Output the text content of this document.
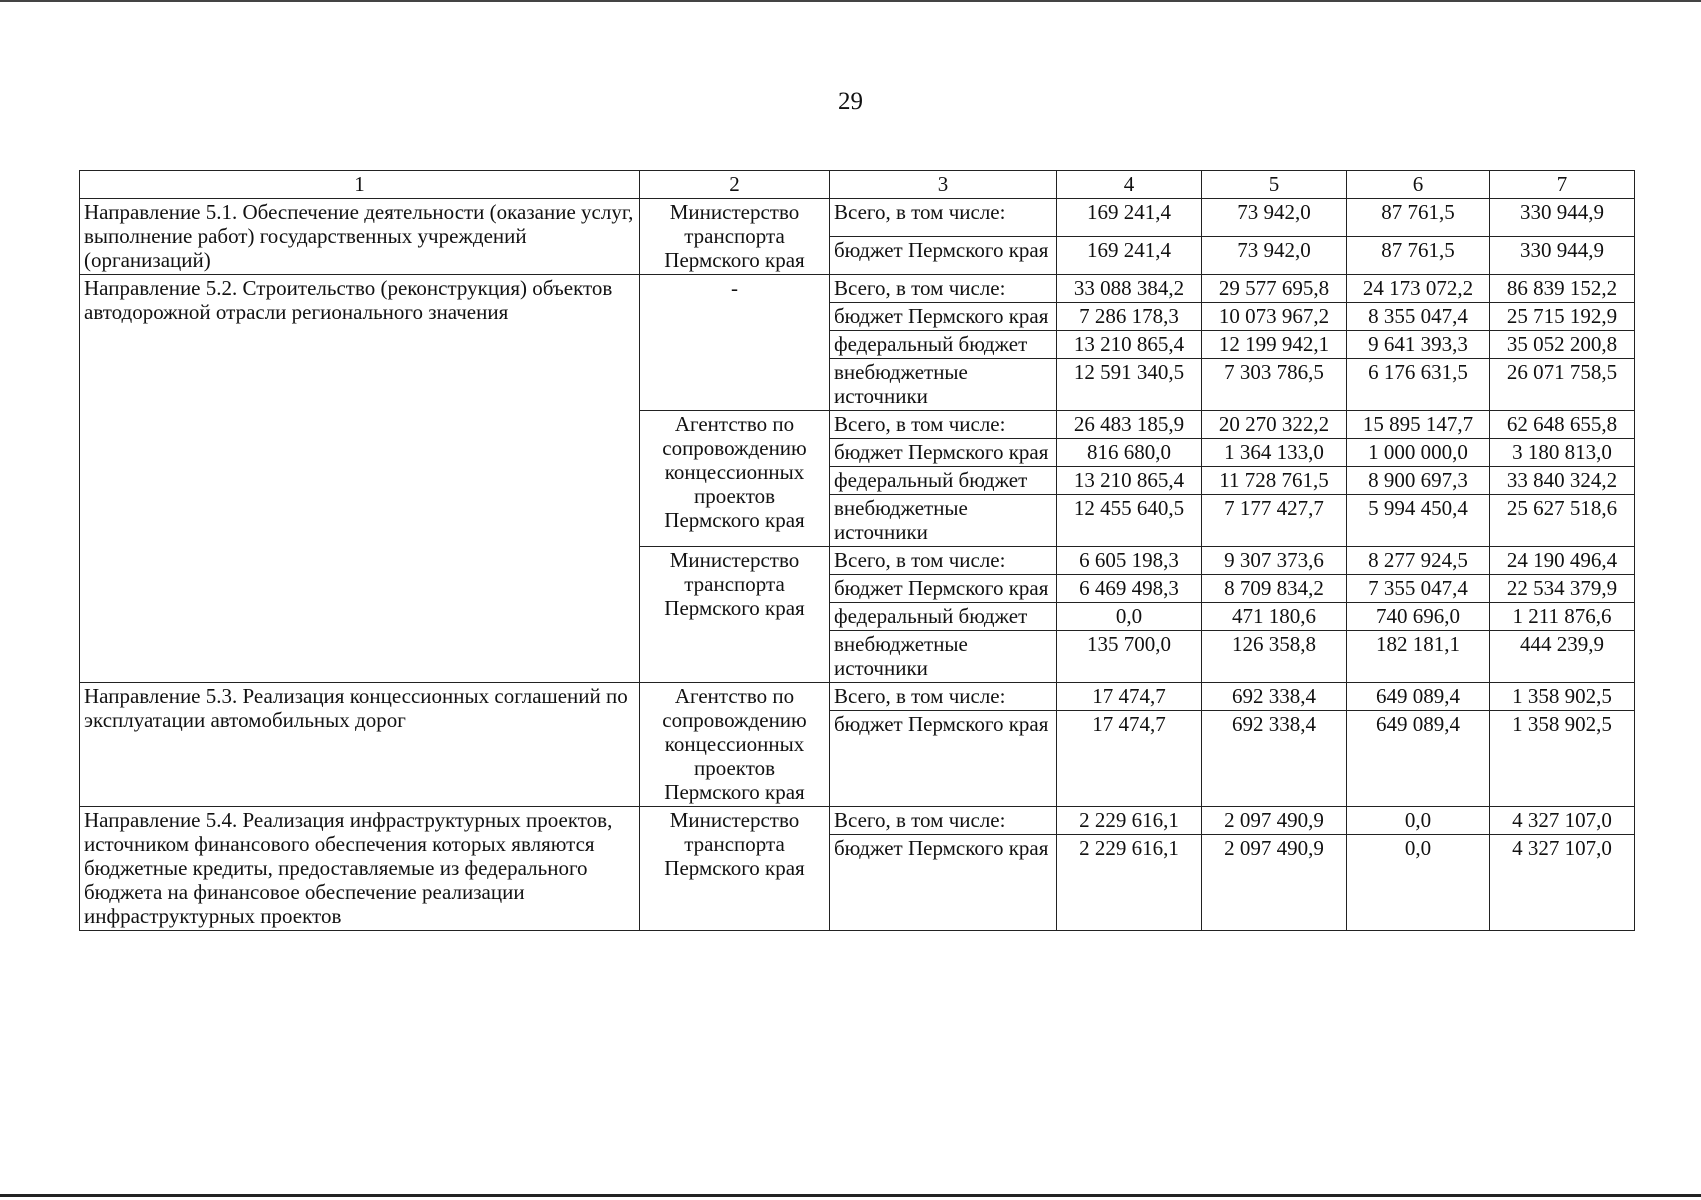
29
1	2	3	4	5	6	7
Направление 5.1. Обеспечение деятельности (оказание услуг, выполнение работ) государственных учреждений (организаций)	Министерство транспорта Пермского края	Всего, в том числе:	169 241,4	73 942,0	87 761,5	330 944,9
		бюджет Пермского края	169 241,4	73 942,0	87 761,5	330 944,9
Направление 5.2. Строительство (реконструкция) объектов автодорожной отрасли регионального значения	-	Всего, в том числе:	33 088 384,2	29 577 695,8	24 173 072,2	86 839 152,2
		бюджет Пермского края	7 286 178,3	10 073 967,2	8 355 047,4	25 715 192,9
		федеральный бюджет	13 210 865,4	12 199 942,1	9 641 393,3	35 052 200,8
		внебюджетные источники	12 591 340,5	7 303 786,5	6 176 631,5	26 071 758,5
	Агентство по сопровождению концессионных проектов Пермского края	Всего, в том числе:	26 483 185,9	20 270 322,2	15 895 147,7	62 648 655,8
		бюджет Пермского края	816 680,0	1 364 133,0	1 000 000,0	3 180 813,0
		федеральный бюджет	13 210 865,4	11 728 761,5	8 900 697,3	33 840 324,2
		внебюджетные источники	12 455 640,5	7 177 427,7	5 994 450,4	25 627 518,6
	Министерство транспорта Пермского края	Всего, в том числе:	6 605 198,3	9 307 373,6	8 277 924,5	24 190 496,4
		бюджет Пермского края	6 469 498,3	8 709 834,2	7 355 047,4	22 534 379,9
		федеральный бюджет	0,0	471 180,6	740 696,0	1 211 876,6
		внебюджетные источники	135 700,0	126 358,8	182 181,1	444 239,9
Направление 5.3. Реализация концессионных соглашений по эксплуатации автомобильных дорог	Агентство по сопровождению концессионных проектов Пермского края	Всего, в том числе:	17 474,7	692 338,4	649 089,4	1 358 902,5
		бюджет Пермского края	17 474,7	692 338,4	649 089,4	1 358 902,5
Направление 5.4. Реализация инфраструктурных проектов, источником финансового обеспечения которых являются бюджетные кредиты, предоставляемые из федерального бюджета на финансовое обеспечение реализации инфраструктурных проектов	Министерство транспорта Пермского края	Всего, в том числе:	2 229 616,1	2 097 490,9	0,0	4 327 107,0
		бюджет Пермского края	2 229 616,1	2 097 490,9	0,0	4 327 107,0
